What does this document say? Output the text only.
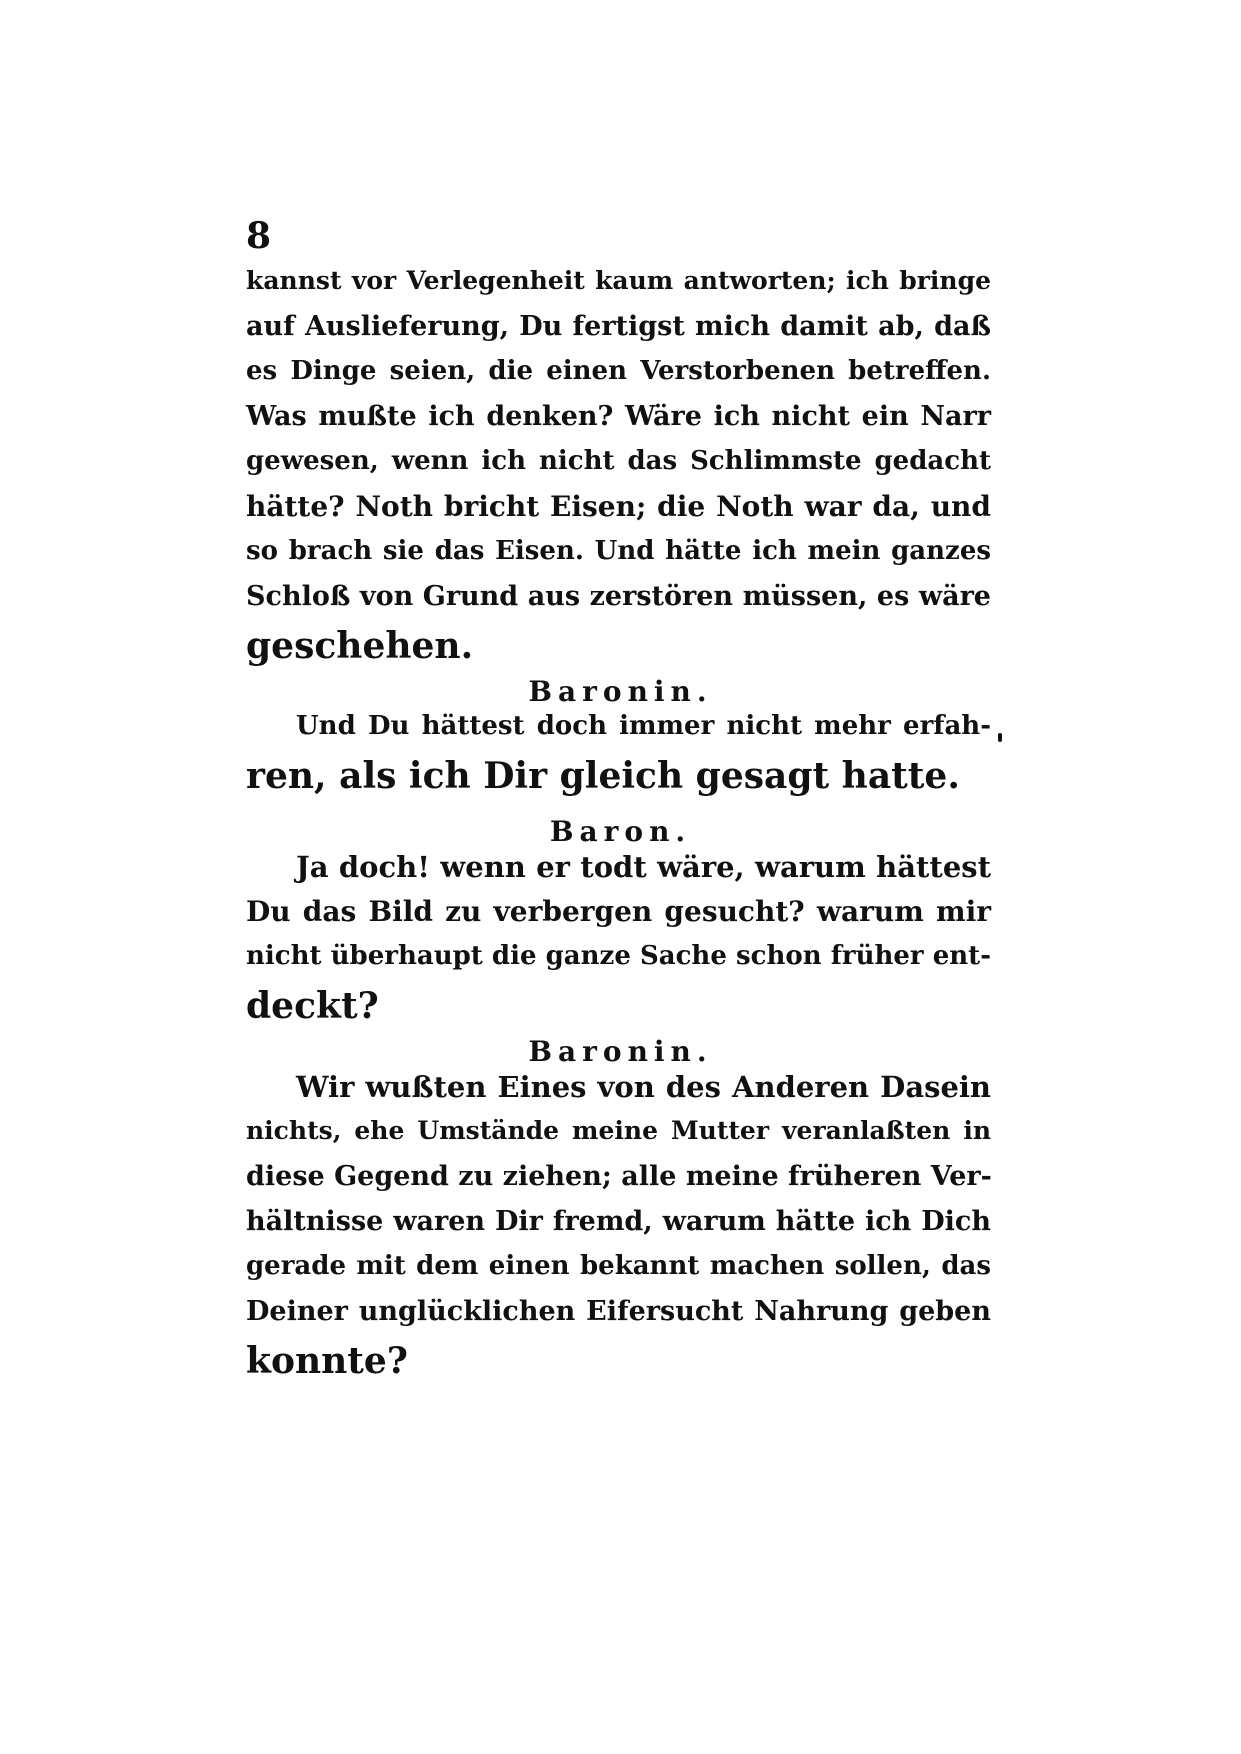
8
kannst vor Verlegenheit kaum antworten; ich bringe
auf Auslieferung, Du fertigst mich damit ab, daß
es Dinge seien, die einen Verstorbenen betreffen.
Was mußte ich denken? Wäre ich nicht ein Narr
gewesen, wenn ich nicht das Schlimmste gedacht
hätte? Noth bricht Eisen; die Noth war da, und
so brach sie das Eisen. Und hätte ich mein ganzes
Schloß von Grund aus zerstören müssen, es wäre
geschehen.
Baronin.
Und Du hättest doch immer nicht mehr erfah-
ren, als ich Dir gleich gesagt hatte.
Baron.
Ja doch! wenn er todt wäre, warum hättest
Du das Bild zu verbergen gesucht? warum mir
nicht überhaupt die ganze Sache schon früher ent-
deckt?
Baronin.
Wir wußten Eines von des Anderen Dasein
nichts, ehe Umstände meine Mutter veranlaßten in
diese Gegend zu ziehen; alle meine früheren Ver-
hältnisse waren Dir fremd, warum hätte ich Dich
gerade mit dem einen bekannt machen sollen, das
Deiner unglücklichen Eifersucht Nahrung geben
konnte?
